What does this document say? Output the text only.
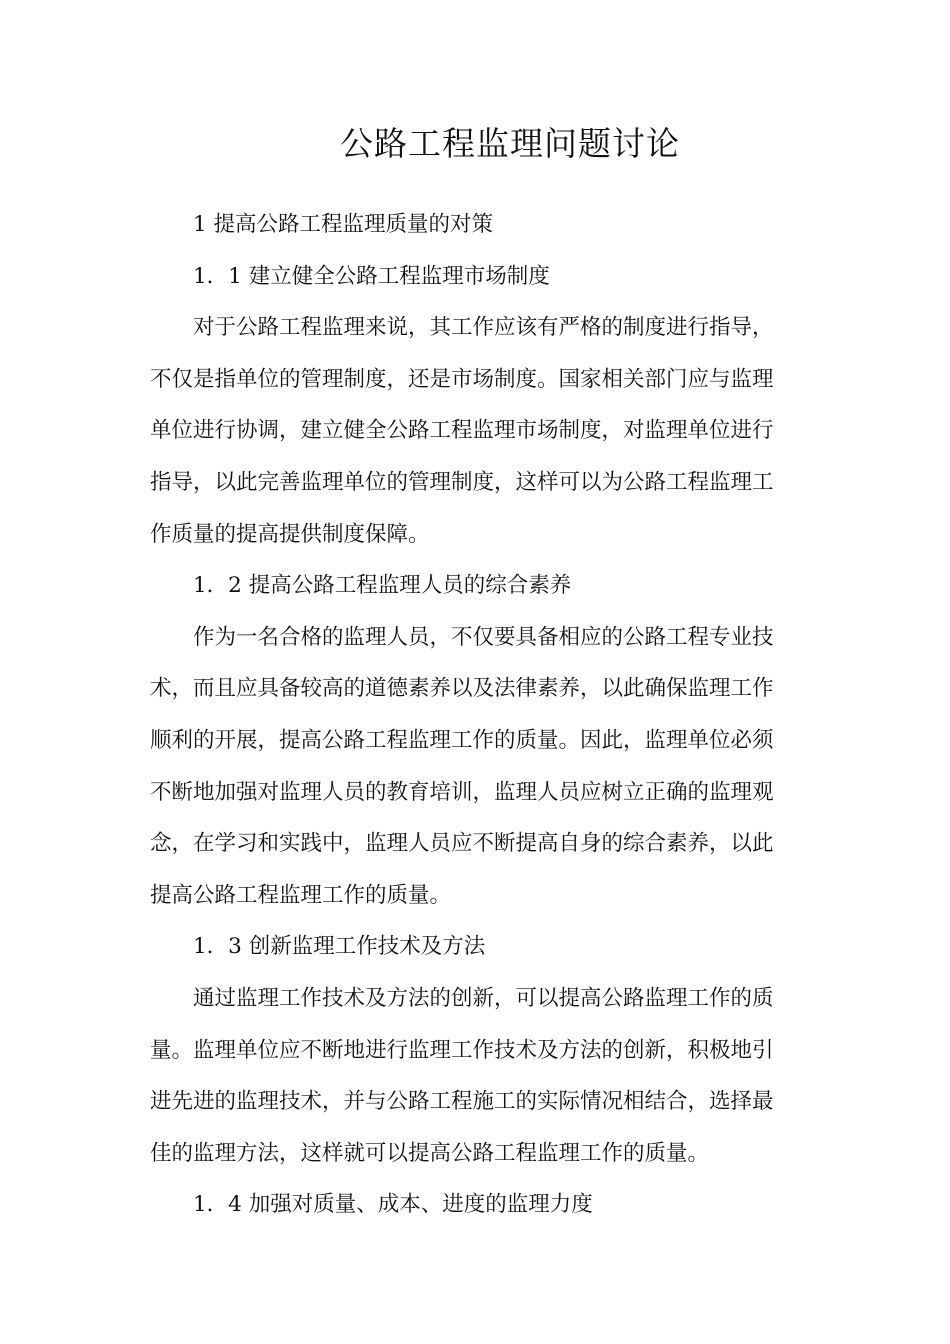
公路工程监理问题讨论
1 提高公路工程监理质量的对策
1．1 建立健全公路工程监理市场制度
对于公路工程监理来说，其工作应该有严格的制度进行指导，
不仅是指单位的管理制度，还是市场制度。国家相关部门应与监理
单位进行协调，建立健全公路工程监理市场制度，对监理单位进行
指导，以此完善监理单位的管理制度，这样可以为公路工程监理工
作质量的提高提供制度保障。
1．2 提高公路工程监理人员的综合素养
作为一名合格的监理人员，不仅要具备相应的公路工程专业技
术，而且应具备较高的道德素养以及法律素养，以此确保监理工作
顺利的开展，提高公路工程监理工作的质量。因此，监理单位必须
不断地加强对监理人员的教育培训，监理人员应树立正确的监理观
念，在学习和实践中，监理人员应不断提高自身的综合素养，以此
提高公路工程监理工作的质量。
1．3 创新监理工作技术及方法
通过监理工作技术及方法的创新，可以提高公路监理工作的质
量。监理单位应不断地进行监理工作技术及方法的创新，积极地引
进先进的监理技术，并与公路工程施工的实际情况相结合，选择最
佳的监理方法，这样就可以提高公路工程监理工作的质量。
1．4 加强对质量、成本、进度的监理力度
